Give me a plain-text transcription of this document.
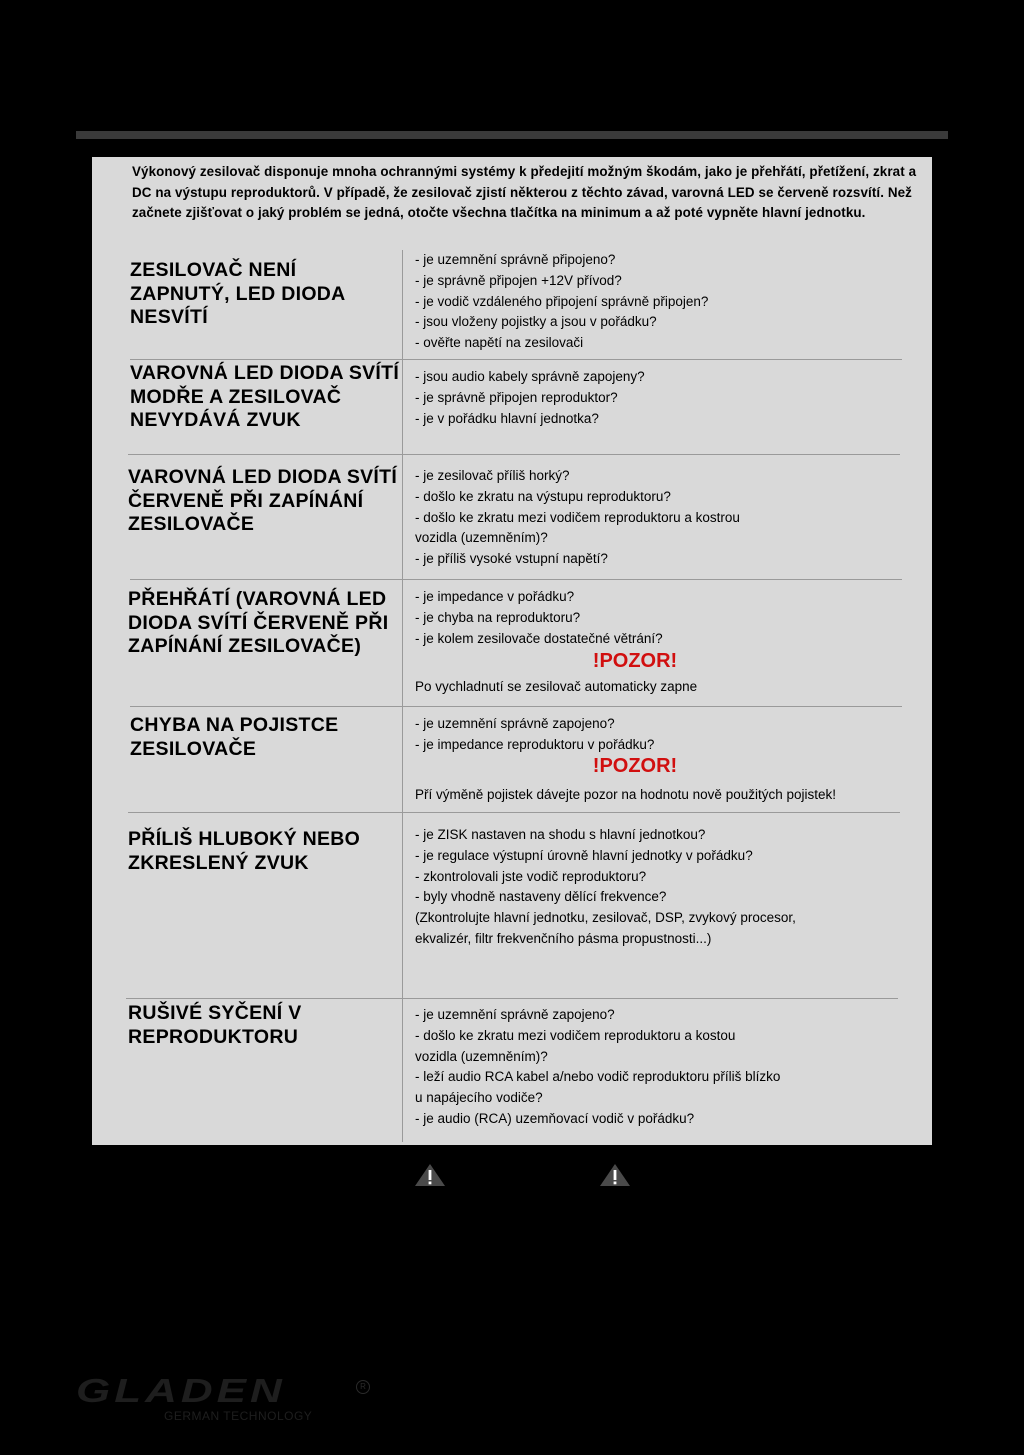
Výkonový zesilovač disponuje mnoha ochrannými systémy k předejití možným škodám, jako je přehřátí, přetížení, zkrat a DC na výstupu reproduktorů. V případě, že zesilovač zjistí některou z těchto závad, varovná LED se červeně rozsvítí. Než začnete zjišťovat o jaký problém se jedná, otočte všechna tlačítka na minimum a až poté vypněte hlavní jednotku.
ZESILOVAČ NENÍ ZAPNUTÝ, LED DIODA NESVÍTÍ
- je uzemnění správně připojeno?
- je správně připojen +12V přívod?
- je vodič vzdáleného připojení správně připojen?
- jsou vloženy pojistky a jsou v pořádku?
- ověřte napětí na zesilovači
VAROVNÁ LED DIODA SVÍTÍ MODŘE A ZESILOVAČ NEVYDÁVÁ ZVUK
- jsou audio kabely správně zapojeny?
- je správně připojen reproduktor?
- je v pořádku hlavní jednotka?
VAROVNÁ LED DIODA SVÍTÍ ČERVENĚ PŘI ZAPÍNÁNÍ ZESILOVAČE
- je zesilovač příliš horký?
- došlo ke zkratu na výstupu reproduktoru?
- došlo ke zkratu mezi vodičem reproduktoru a kostrou
vozidla (uzemněním)?
- je příliš vysoké vstupní napětí?
PŘEHŘÁTÍ (VAROVNÁ LED DIODA SVÍTÍ ČERVENĚ PŘI ZAPÍNÁNÍ ZESILOVAČE)
- je impedance v pořádku?
- je chyba na reproduktoru?
- je kolem zesilovače dostatečné větrání?
!POZOR!
Po vychladnutí se zesilovač automaticky zapne
CHYBA NA POJISTCE ZESILOVAČE
- je uzemnění správně zapojeno?
- je impedance reproduktoru v pořádku?
!POZOR!
Pří výměně pojistek dávejte pozor na hodnotu nově použitých pojistek!
PŘÍLIŠ HLUBOKÝ NEBO ZKRESLENÝ ZVUK
- je ZISK nastaven na shodu s hlavní jednotkou?
- je regulace výstupní úrovně hlavní jednotky v pořádku?
- zkontrolovali jste vodič reproduktoru?
- byly vhodně nastaveny dělící frekvence?
(Zkontrolujte hlavní jednotku, zesilovač, DSP, zvykový procesor,
ekvalizér, filtr frekvenčního pásma propustnosti...)
RUŠIVÉ SYČENÍ V REPRODUKTORU
- je uzemnění správně zapojeno?
- došlo ke zkratu mezi vodičem reproduktoru a kostou
vozidla (uzemněním)?
- leží audio RCA kabel a/nebo vodič reproduktoru příliš blízko
u napájecího vodiče?
- je audio (RCA) uzemňovací vodič v pořádku?
GLADEN	R
GERMAN TECHNOLOGY
